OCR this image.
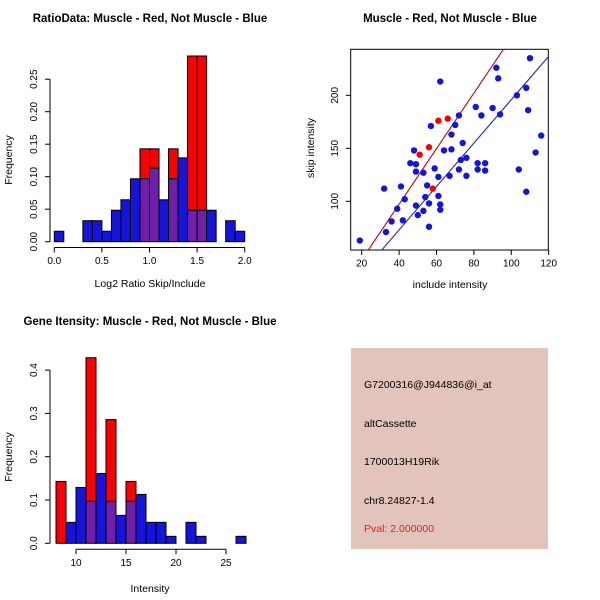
RatioData: Muscle - Red, Not Muscle - Blue
Log2 Ratio Skip/Include
Frequency
0.0	0.5	1.0	1.5	2.0
0.00
0.05
0.10
0.15
0.20
0.25
Muscle - Red, Not Muscle - Blue
include intensity
skip intensity
20	40	60	80 100 120
100
150
200
Gene Itensity: Muscle - Red, Not Muscle - Blue
Intensity
Frequency
10	15	20	25
0.0
0.1
0.2
0.3
0.4
G7200316@J944836@i_at
altCassette
1700013H19Rik
chr8.24827-1.4
Pval: 2.000000
